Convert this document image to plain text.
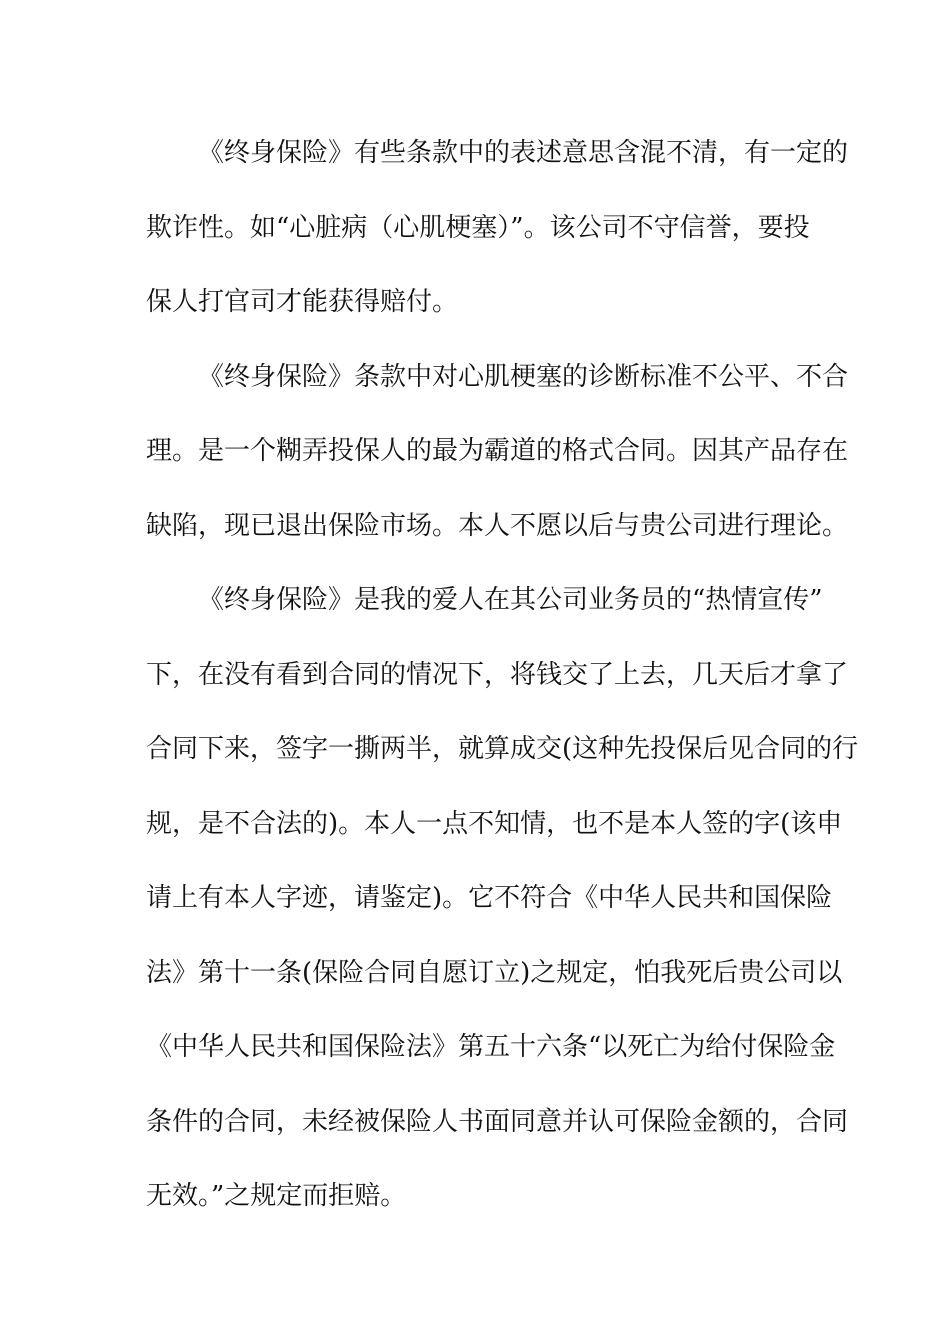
《终身保险》有些条款中的表述意思含混不清，有一定的
欺诈性。如“心脏病（心肌梗塞）”。该公司不守信誉，要投
保人打官司才能获得赔付。
《终身保险》条款中对心肌梗塞的诊断标准不公平、不合
理。是一个糊弄投保人的最为霸道的格式合同。因其产品存在
缺陷，现已退出保险市场。本人不愿以后与贵公司进行理论。
《终身保险》是我的爱人在其公司业务员的“热情宣传”
下，在没有看到合同的情况下，将钱交了上去，几天后才拿了
合同下来，签字一撕两半，就算成交(这种先投保后见合同的行
规，是不合法的)。本人一点不知情，也不是本人签的字(该申
请上有本人字迹，请鉴定)。它不符合《中华人民共和国保险
法》第十一条(保险合同自愿订立)之规定，怕我死后贵公司以
《中华人民共和国保险法》第五十六条“以死亡为给付保险金
条件的合同，未经被保险人书面同意并认可保险金额的，合同
无效。”之规定而拒赔。
